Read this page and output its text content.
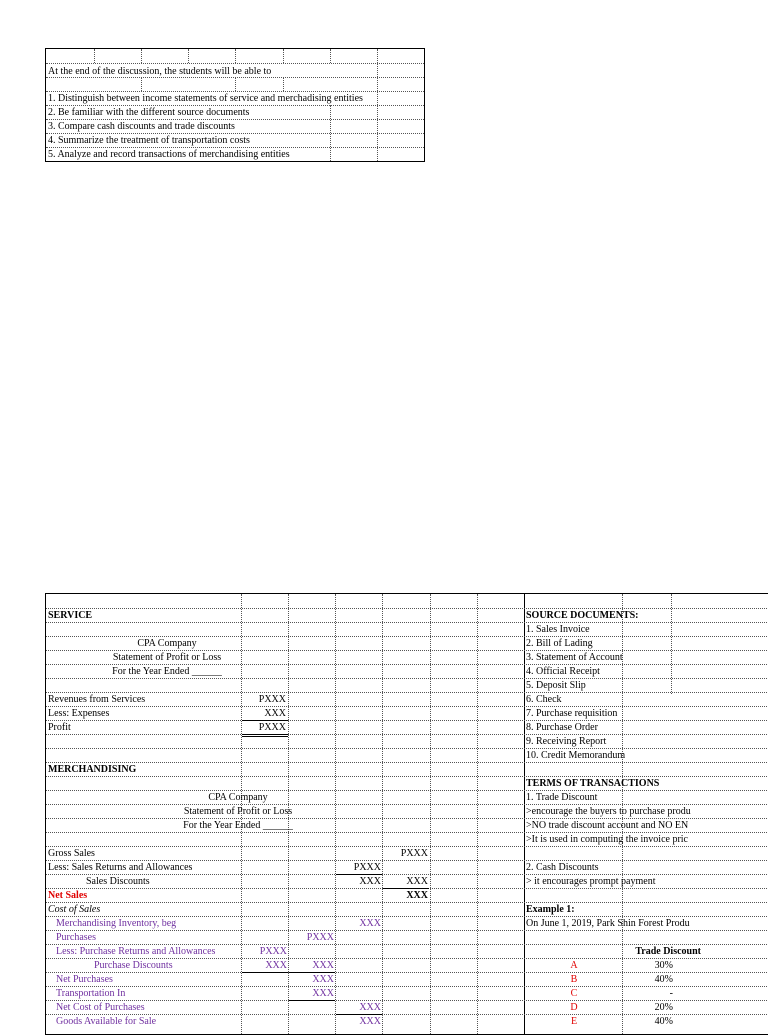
At the end of the discussion, the students will be able to
1. Distinguish between income statements of service and merchadising entities
2. Be familiar with the different source documents
3. Compare cash discounts and trade discounts
4. Summarize the treatment of transportation costs
5. Analyze and record transactions of merchandising entities
SERVICE
CPA Company
Statement of Profit or Loss
For the Year Ended ______
Revenues from Services	PXXX
Less: Expenses	XXX
Profit	PXXX
MERCHANDISING
CPA Company
Statement of Profit or Loss
For the Year Ended ______
Gross Sales	PXXX
Less: Sales Returns and Allowances	PXXX
Sales Discounts	XXX	XXX
Net Sales	XXX
Cost of Sales
Merchandising Inventory, beg	XXX
Purchases	PXXX
Less: Purchase Returns and Allowances	PXXX
Purchase Discounts	XXX	XXX
Net Purchases	XXX
Transportation In	XXX
Net Cost of Purchases	XXX
Goods Available for Sale	XXX
SOURCE DOCUMENTS:
1. Sales Invoice
2. Bill of Lading
3. Statement of Account
4. Official Receipt
5. Deposit Slip
6. Check
7. Purchase requisition
8. Purchase Order
9. Receiving Report
10. Credit Memorandum
TERMS OF TRANSACTIONS
1. Trade Discount
>encourage the buyers to purchase produ
>NO trade discount account and NO EN
>It is used in computing the invoice pric
2. Cash Discounts
> it encourages prompt payment
Example 1:
On June 1, 2019, Park Shin Forest Produ
Trade Discount
A	30%
B	40%
C	-
D	20%
E	40%
